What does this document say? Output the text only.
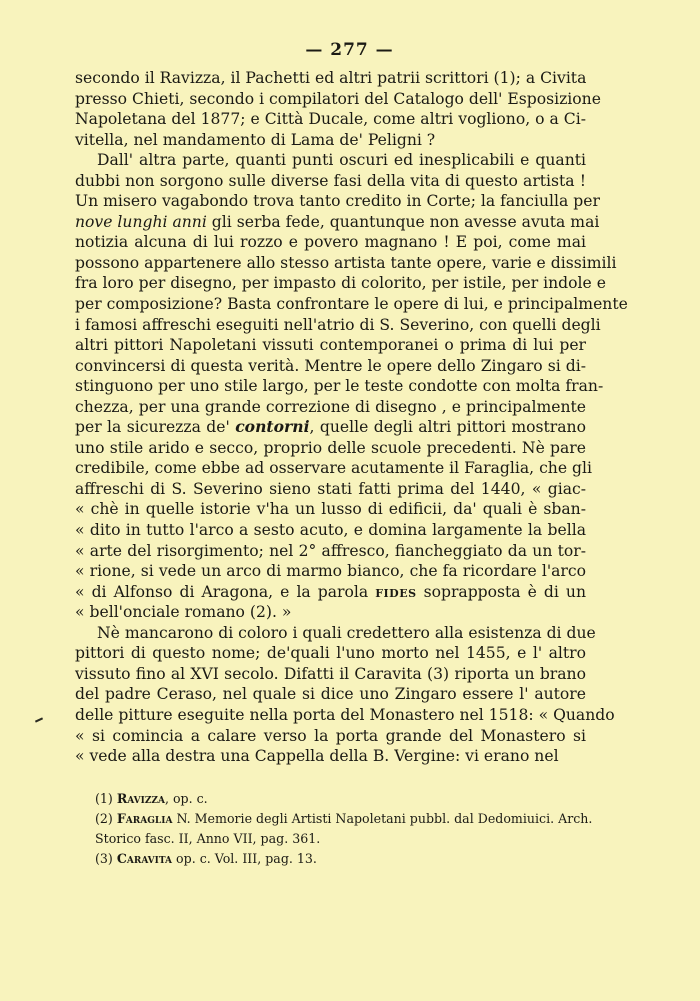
— 277 —
secondo il Ravizza, il Pachetti ed altri patrii scrittori (1); a Civita
presso Chieti, secondo i compilatori del Catalogo dell' Esposizione
Napoletana del 1877; e Città Ducale, come altri vogliono, o a Ci-
vitella, nel mandamento di Lama de' Peligni ?
Dall' altra parte, quanti punti oscuri ed inesplicabili e quanti
dubbi non sorgono sulle diverse fasi della vita di questo artista !
Un misero vagabondo trova tanto credito in Corte; la fanciulla per
nove lunghi anni gli serba fede, quantunque non avesse avuta mai
notizia alcuna di lui rozzo e povero magnano ! E poi, come mai
possono appartenere allo stesso artista tante opere, varie e dissimili
fra loro per disegno, per impasto di colorito, per istile, per indole e
per composizione? Basta confrontare le opere di lui, e principalmente
i famosi affreschi eseguiti nell'atrio di S. Severino, con quelli degli
altri pittori Napoletani vissuti contemporanei o prima di lui per
convincersi di questa verità. Mentre le opere dello Zingaro si di-
stinguono per uno stile largo, per le teste condotte con molta fran-
chezza, per una grande correzione di disegno , e principalmente
per la sicurezza de' contorni, quelle degli altri pittori mostrano
uno stile arido e secco, proprio delle scuole precedenti. Nè pare
credibile, come ebbe ad osservare acutamente il Faraglia, che gli
affreschi di S. Severino sieno stati fatti prima del 1440, « giac-
« chè in quelle istorie v'ha un lusso di edificii, da' quali è sban-
« dito in tutto l'arco a sesto acuto, e domina largamente la bella
« arte del risorgimento; nel 2° affresco, fiancheggiato da un tor-
« rione, si vede un arco di marmo bianco, che fa ricordare l'arco
« di Alfonso di Aragona, e la parola fides soprapposta è di un
« bell'onciale romano (2). »
Nè mancarono di coloro i quali credettero alla esistenza di due
pittori di questo nome; de'quali l'uno morto nel 1455, e l' altro
vissuto fino al XVI secolo. Difatti il Caravita (3) riporta un brano
del padre Ceraso, nel quale si dice uno Zingaro essere l' autore
delle pitture eseguite nella porta del Monastero nel 1518: « Quando
« si comincia a calare verso la porta grande del Monastero si
« vede alla destra una Cappella della B. Vergine: vi erano nel
(1) Ravizza, op. c.
(2) Faraglia N. Memorie degli Artisti Napoletani pubbl. dal Dedomiuici. Arch.
Storico fasc. II, Anno VII, pag. 361.
(3) Caravita op. c. Vol. III, pag. 13.
